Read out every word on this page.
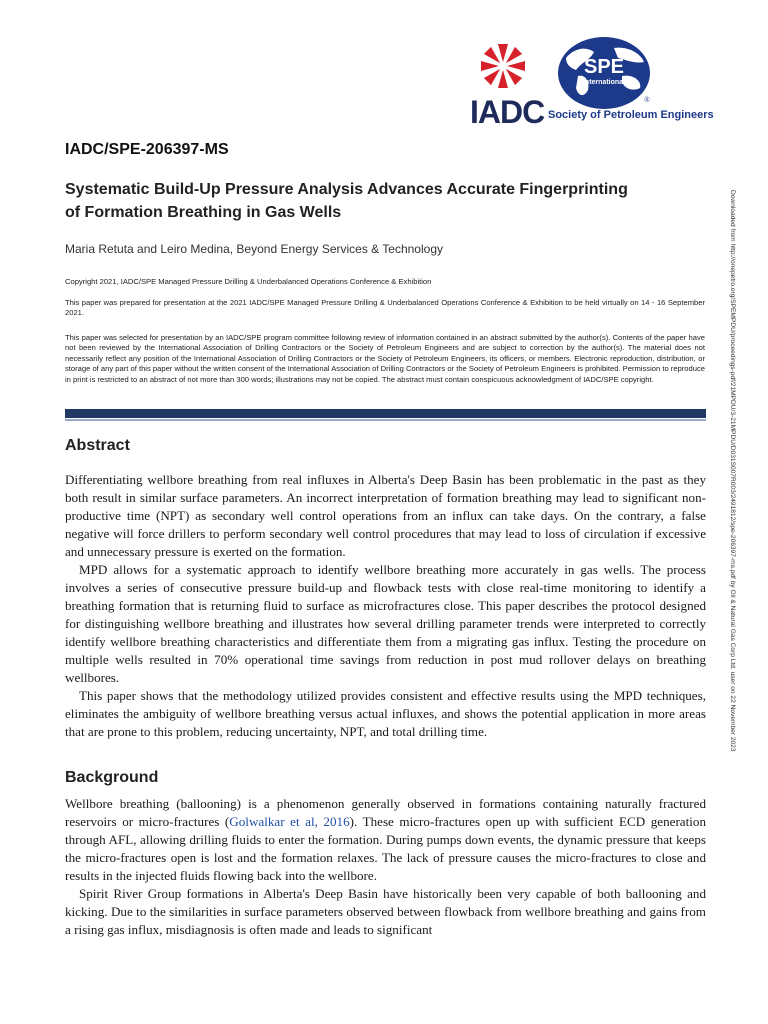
IADC
SPE
International
®
Society of Petroleum Engineers
IADC/SPE-206397-MS
Systematic Build-Up Pressure Analysis Advances Accurate Fingerprinting
of Formation Breathing in Gas Wells
Maria Retuta and Leiro Medina, Beyond Energy Services & Technology

Copyright 2021, IADC/SPE Managed Pressure Drilling & Underbalanced Operations Conference & Exhibition

This paper was prepared for presentation at the 2021 IADC/SPE Managed Pressure Drilling & Underbalanced Operations Conference & Exhibition to be held virtually on 14 - 16 September 2021.

This paper was selected for presentation by an IADC/SPE program committee following review of information contained in an abstract submitted by the author(s). Contents of the paper have not been reviewed by the International Association of Drilling Contractors or the Society of Petroleum Engineers and are subject to correction by the author(s). The material does not necessarily reflect any position of the International Association of Drilling Contractors or the Society of Petroleum Engineers, its officers, or members. Electronic reproduction, distribution, or storage of any part of this paper without the written consent of the International Association of Drilling Contractors or the Society of Petroleum Engineers is prohibited. Permission to reproduce in print is restricted to an abstract of not more than 300 words; illustrations may not be copied. The abstract must contain conspicuous acknowledgment of IADC/SPE copyright.

Abstract

Differentiating wellbore breathing from real influxes in Alberta's Deep Basin has been problematic in the past as they both result in similar surface parameters. An incorrect interpretation of formation breathing may lead to significant non-productive time (NPT) as secondary well control operations from an influx can take days. On the contrary, a false negative will force drillers to perform secondary well control procedures that may lead to loss of circulation if excessive and unnecessary pressure is exerted on the formation.

MPD allows for a systematic approach to identify wellbore breathing more accurately in gas wells. The process involves a series of consecutive pressure build-up and flowback tests with close real-time monitoring to identify a breathing formation that is returning fluid to surface as microfractures close. This paper describes the protocol designed for distinguishing wellbore breathing and illustrates how several drilling parameter trends were interpreted to correctly identify wellbore breathing characteristics and differentiate them from a migrating gas influx. Testing the procedure on multiple wells resulted in 70% operational time savings from reduction in post mud rollover delays on breathing wellbores.

This paper shows that the methodology utilized provides consistent and effective results using the MPD techniques, eliminates the ambiguity of wellbore breathing versus actual influxes, and shows the potential application in more areas that are prone to this problem, reducing uncertainty, NPT, and total drilling time.

Background

Wellbore breathing (ballooning) is a phenomenon generally observed in formations containing naturally fractured reservoirs or micro-fractures (Golwalkar et al, 2016). These micro-fractures open up with sufficient ECD generation through AFL, allowing drilling fluids to enter the formation. During pumps down events, the dynamic pressure that keeps the micro-fractures open is lost and the formation relaxes. The lack of pressure causes the micro-fractures to close and results in the injected fluids flowing back into the wellbore.

Spirit River Group formations in Alberta's Deep Basin have historically been very capable of both ballooning and kicking. Due to the similarities in surface parameters observed between flowback from wellbore breathing and gains from a rising gas influx, misdiagnosis is often made and leads to significant

Downloaded from http://onepetro.org/SPEMPDU/proceedings-pdf/21MPDU/3-21MPDU/D031S007R003/2491812/spe-206397-ms.pdf by Oil & Natural Gas Corp Ltd. user on 22 November 2023
